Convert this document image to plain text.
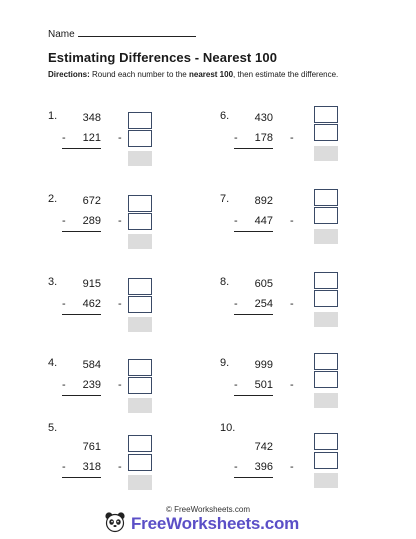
Name
Estimating Differences - Nearest 100
Directions: Round each number to the nearest 100, then estimate the difference.
1.	348
- 121 -
2.	672
- 289 -
3.	915
- 462 -
4.	584
- 239 -
5.
761
- 318 -
6.	430
- 178 -
7.	892
- 447 -
8.	605
- 254 -
9.	999
- 501 -
10.
742
- 396 -
© FreeWorksheets.com
FreeWorksheets.com
